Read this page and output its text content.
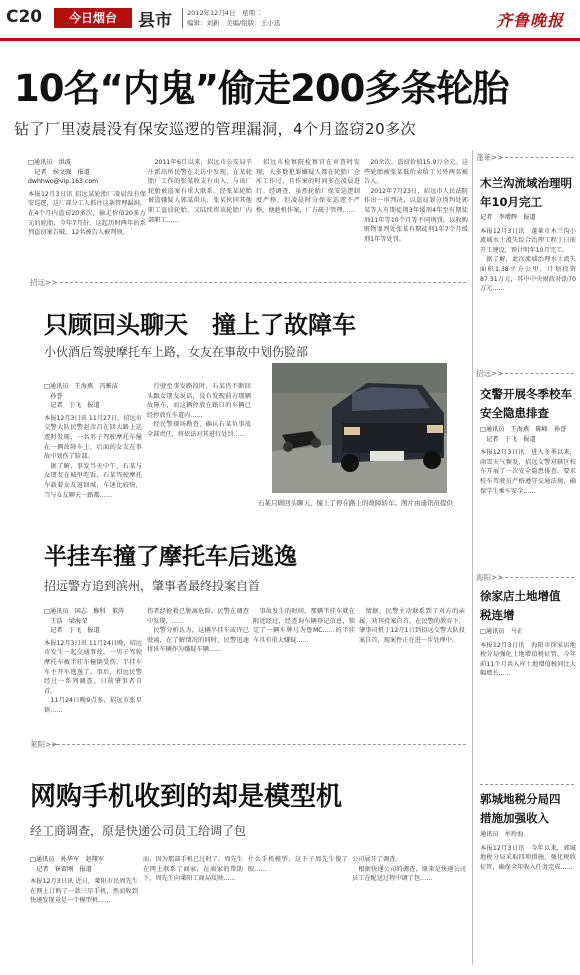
C20	今日烟台	县市 2012年12月4日　星期二
编辑：刘新　美编/组版：王小迅	齐鲁晚报
10名“内鬼”偷走200多条轮胎
钻了厂里凌晨没有保安巡逻的管理漏洞，4个月盗窃20多次
□通讯员　洪波
　记者　侯文强　报道
dwhhwo@vip.163.com
本报12月3日讯 招远某轮胎厂凌晨没有保安巡逻，这厂部分工人抓住这条管理漏洞，在4个月内盗窃20多次，偷走价值20多万元的轮胎，今年7月份，这起历时两年的系列盗窃案告破，12名被告人被判刑。
　2011年6月以来，招远市公安局辛庄派出所民警在走访中发现，在某轮胎厂工作的张某收支有出入，与该厂轮胎被盗案有重大联系。经张某轮胎被盗嫌疑人郭某供认，张某伙同其他职工盗窃轮胎，又陆续将该轮胎厂内部职工……
　招远市检察院检察官在审查时发现，大多数犯罪嫌疑人都在轮胎厂仓库工作过，且作案的时间多在凌晨进行。经调查，虽然轮胎厂保安巡逻制度严格，但凌晨时分保安巡逻不严格，便趁机作案，厂方疏于管理……
　20余次，盗窃价值15.9万余元。这些轮胎被张某低价卖给了另外两名被告人。
　2012年7月23日，招远市人民法院作出一审判决，以盗窃罪分别判处郭某等人有期徒刑3年缓刑4年至有期徒刑11年等10个月等不同刑罚，以收购赃物罪判处张某有期徒刑1年7个月缓刑1年等处罚。
招远>>
只顾回头聊天　撞上了故障车
小伙酒后驾驶摩托车上路，女友在事故中划伤脸部
□通讯员　王海燕　冯雅洁
　孙誉
　记者　于飞　报道
本报12月3日讯 11月27日，招远市交警大队民警赵彦昌在回大路上巡逻时发现，一名男子驾驶摩托车撞在一辆故障车上，后面的女友在事故中划伤了脸部。
　据了解，事发当天中午，石某与女朋友在城里吃饭，石某驾驶摩托车载着女友返回城，车速比较快，当与女友聊天一路都……
　行驶至事发路段时，石某仍不断回头跟女朋友说话，没有发现前方那辆故障车，而这辆停放在路口的车辆已经停放在车道内……
　经民警现场勘查，确认石某负事故全部责任，将依法对其进行处罚……
石某只顾回头聊天，撞上了停在路上的故障轿车。图片由通讯员提供
半挂车撞了摩托车后逃逸
招远警方追到滨州，肇事者最终投案自首
□通讯员　国志　修科　董涛
　王浩　梁海荣
　记者　于飞　报道
本报12月3日讯 11月24日晚，招远市发生一起交通事故，一男子驾驶摩托车被半挂车撞倒受伤，半挂车车主开车逃逸了。事后，招远民警经过一系列调查，日前肇事者自首。
　11月24日晚9点多，招远市张星镇……
伤者经抢救已脱离危险。民警在调查中发现，……
　民警分析认为，这辆半挂车或许已驶离，在了解情况的同时，民警迅速将该车辆作为嫌疑车辆……
　事故发生的时间，那辆半挂车就在附近经过，经查询车辆登记信息，锁定了一辆车牌号为鲁MC……的半挂车具有重大嫌疑……
　情据，民警主动联系到了对方的亲属，劝其投案自首。在民警的教育下，肇事司机于12月1日到招远交警大队投案自首，现案件正在进一步处理中。
莱阳>>
网购手机收到的却是模型机
经工商调查，原是快递公司员工给调了包
□通讯员　孙华军　赵翔军
　记者　崔雷刚　报道
本报12月3日讯 近日，莱阳市民周先生在网上订购了一款三星手机，然而收到快递发现竟是一个模型机……
而，因为那部手机已过时了，周先生在网上联系了商家，在商家的帮助下，周先生向莱阳工商局反映……
什么手机模型，这下子周先生傻了眼……
公司展开了调查。
　根据快递公司的调查，原来是快递公司员工在配送过程中调了包……
蓬莱>>
木兰沟流域治理明年10月完工
记者　李增辉　报道
本报12月3日讯　蓬莱市木兰沟小流域水土流失综合治理工程于日前开工建设，预计明年10月完工。
　据了解，此次流域治理水土流失面积1.38平方公里，计划投资87.31万元，其中中央财政补助70万元……
招远>>
交警开展冬季校车安全隐患排查
□通讯员　王海燕　陈峰　孙誉
　记者　于飞　报道
本报12月3日讯　进入冬季以来，雨雪天气频发，招远交警对辖区校车开展了一次安全隐患排查，要求校车驾驶员严格遵守交通法规，确保学生乘车安全……
海阳>>
徐家店土地增值税连增
□通讯员　马正
本报12月3日讯　海阳市徐家店地税分局强化土地增值税征管，今年前11个月共入库土地增值税同比大幅增长……
郭城地税分局四措施加强收入
通讯员　牟玲海
本报12月3日讯　今年以来，郭城地税分局采取四项措施，强化税收征管，确保全年收入任务完成……
